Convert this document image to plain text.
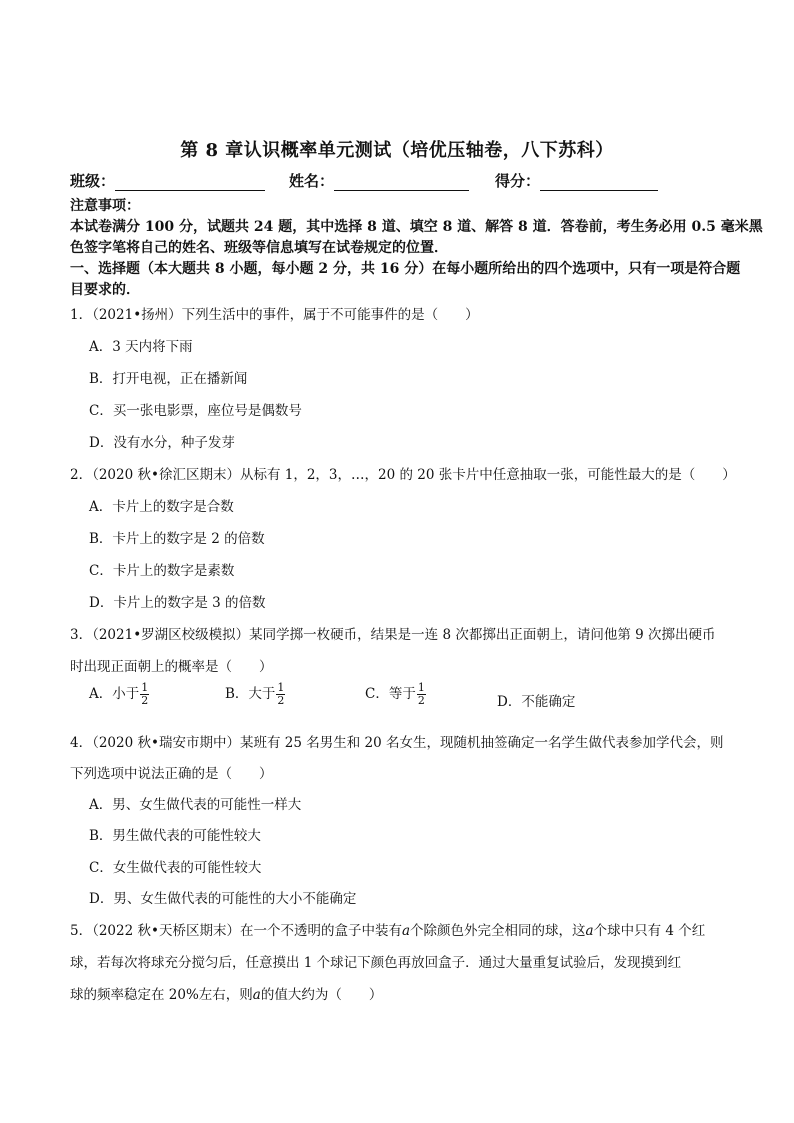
第 8 章认识概率单元测试（培优压轴卷，八下苏科）
班级：	姓名：	得分：
注意事项：
本试卷满分 100 分，试题共 24 题，其中选择 8 道、填空 8 道、解答 8 道．答卷前，考生务必用 0.5 毫米黑
色签字笔将自己的姓名、班级等信息填写在试卷规定的位置．
一、选择题（本大题共 8 小题，每小题 2 分，共 16 分）在每小题所给出的四个选项中，只有一项是符合题
目要求的．
1．（2021•扬州）下列生活中的事件，属于不可能事件的是（　　）
A．3 天内将下雨
B．打开电视，正在播新闻
C．买一张电影票，座位号是偶数号
D．没有水分，种子发芽
2．（2020 秋•徐汇区期末）从标有 1，2，3，…，20 的 20 张卡片中任意抽取一张，可能性最大的是（　　）
A．卡片上的数字是合数
B．卡片上的数字是 2 的倍数
C．卡片上的数字是素数
D．卡片上的数字是 3 的倍数
3．（2021•罗湖区校级模拟）某同学掷一枚硬币，结果是一连 8 次都掷出正面朝上，请问他第 9 次掷出硬币
时出现正面朝上的概率是（　　）
A．小于 $\frac{1}{2}$	B．大于 $\frac{1}{2}$	C．等于 $\frac{1}{2}$	D．不能确定
4．（2020 秋•瑞安市期中）某班有 25 名男生和 20 名女生，现随机抽签确定一名学生做代表参加学代会，则
下列选项中说法正确的是（　　）
A．男、女生做代表的可能性一样大
B．男生做代表的可能性较大
C．女生做代表的可能性较大
D．男、女生做代表的可能性的大小不能确定
5．（2022 秋•天桥区期末）在一个不透明的盒子中装有a个除颜色外完全相同的球，这a个球中只有 4 个红
球，若每次将球充分搅匀后，任意摸出 1 个球记下颜色再放回盒子．通过大量重复试验后，发现摸到红
球的频率稳定在 20%左右，则a的值大约为（　　）
